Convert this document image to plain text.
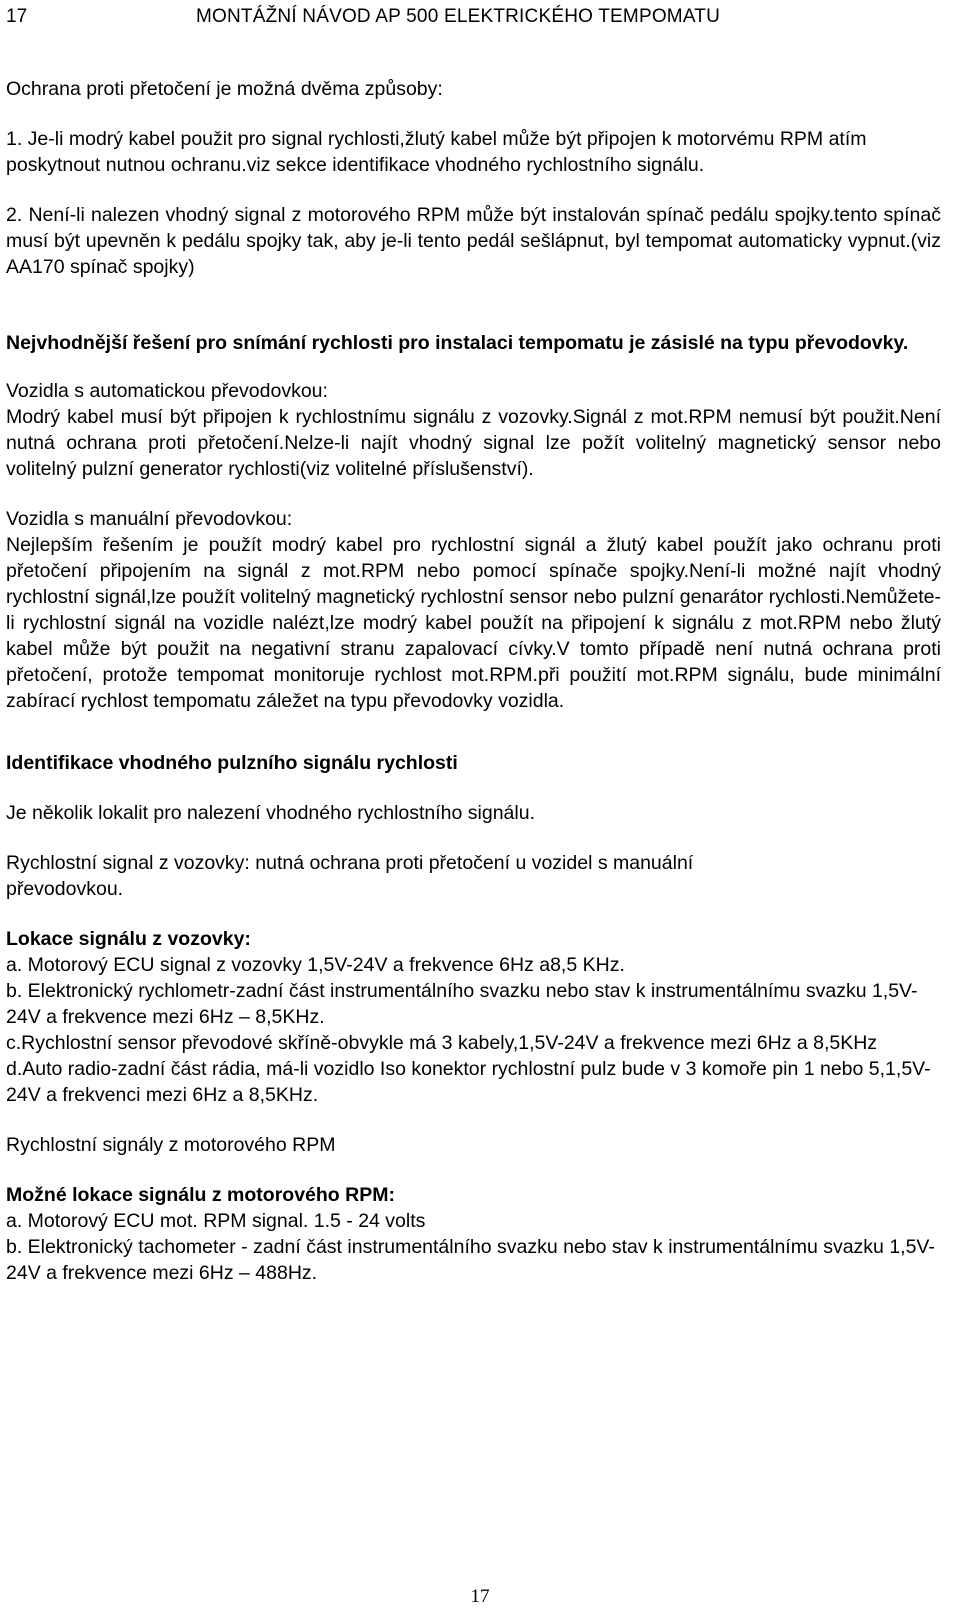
17	MONTÁŽNÍ NÁVOD AP 500 ELEKTRICKÉHO TEMPOMATU

Ochrana proti přetočení je možná dvěma způsoby:

1. Je-li modrý kabel použit pro signal rychlosti,žlutý kabel může být připojen k motorvému RPM atím poskytnout nutnou ochranu.viz sekce identifikace vhodného rychlostního signálu.

2. Není-li nalezen vhodný signal z motorového RPM může být instalován spínač pedálu spojky.tento spínač musí být upevněn k pedálu spojky tak, aby je-li tento pedál sešlápnut, byl tempomat automaticky vypnut.(viz AA170 spínač spojky)

Nejvhodnější řešení pro snímání rychlosti pro instalaci tempomatu je zásislé na typu převodovky.

Vozidla s automatickou převodovkou:

Modrý kabel musí být připojen k rychlostnímu signálu z vozovky.Signál z mot.RPM nemusí být použit.Není nutná ochrana proti přetočení.Nelze-li najít vhodný signal lze požít volitelný magnetický sensor nebo volitelný pulzní generator rychlosti(viz volitelné příslušenství).

Vozidla s manuální převodovkou:

Nejlepším řešením je použít modrý kabel pro rychlostní signál a žlutý kabel použít jako ochranu proti přetočení připojením na signál z mot.RPM nebo pomocí spínače spojky.Není-li možné najít vhodný rychlostní signál,lze použít volitelný magnetický rychlostní sensor nebo pulzní genarátor rychlosti.Nemůžete-li rychlostní signál na vozidle nalézt,lze modrý kabel použít na připojení k signálu z mot.RPM nebo žlutý kabel může být použit na negativní stranu zapalovací cívky.V tomto případě není nutná ochrana proti přetočení, protože tempomat monitoruje rychlost mot.RPM.při použití mot.RPM signálu, bude minimální zabírací rychlost tempomatu záležet na typu převodovky vozidla.

Identifikace vhodného pulzního signálu rychlosti

Je několik lokalit pro nalezení vhodného rychlostního signálu.

Rychlostní signal z vozovky: nutná ochrana proti přetočení u vozidel s manuální

převodovkou.

Lokace signálu z vozovky:

a. Motorový ECU signal z vozovky 1,5V-24V a frekvence 6Hz a8,5 KHz.

b. Elektronický rychlometr-zadní část instrumentálního svazku nebo stav k instrumentálnímu svazku 1,5V-24V a frekvence mezi 6Hz – 8,5KHz.

c.Rychlostní sensor převodové skříně-obvykle má 3 kabely,1,5V-24V a frekvence mezi 6Hz a 8,5KHz

d.Auto radio-zadní část rádia, má-li vozidlo Iso konektor rychlostní pulz bude v 3 komoře pin 1 nebo 5,1,5V-24V a frekvenci mezi 6Hz a 8,5KHz.

Rychlostní signály z motorového RPM

Možné lokace signálu z motorového RPM:

a. Motorový ECU mot. RPM signal. 1.5 - 24 volts

b. Elektronický tachometer - zadní část instrumentálního svazku nebo stav k instrumentálnímu svazku 1,5V-24V a frekvence mezi 6Hz – 488Hz.

17
